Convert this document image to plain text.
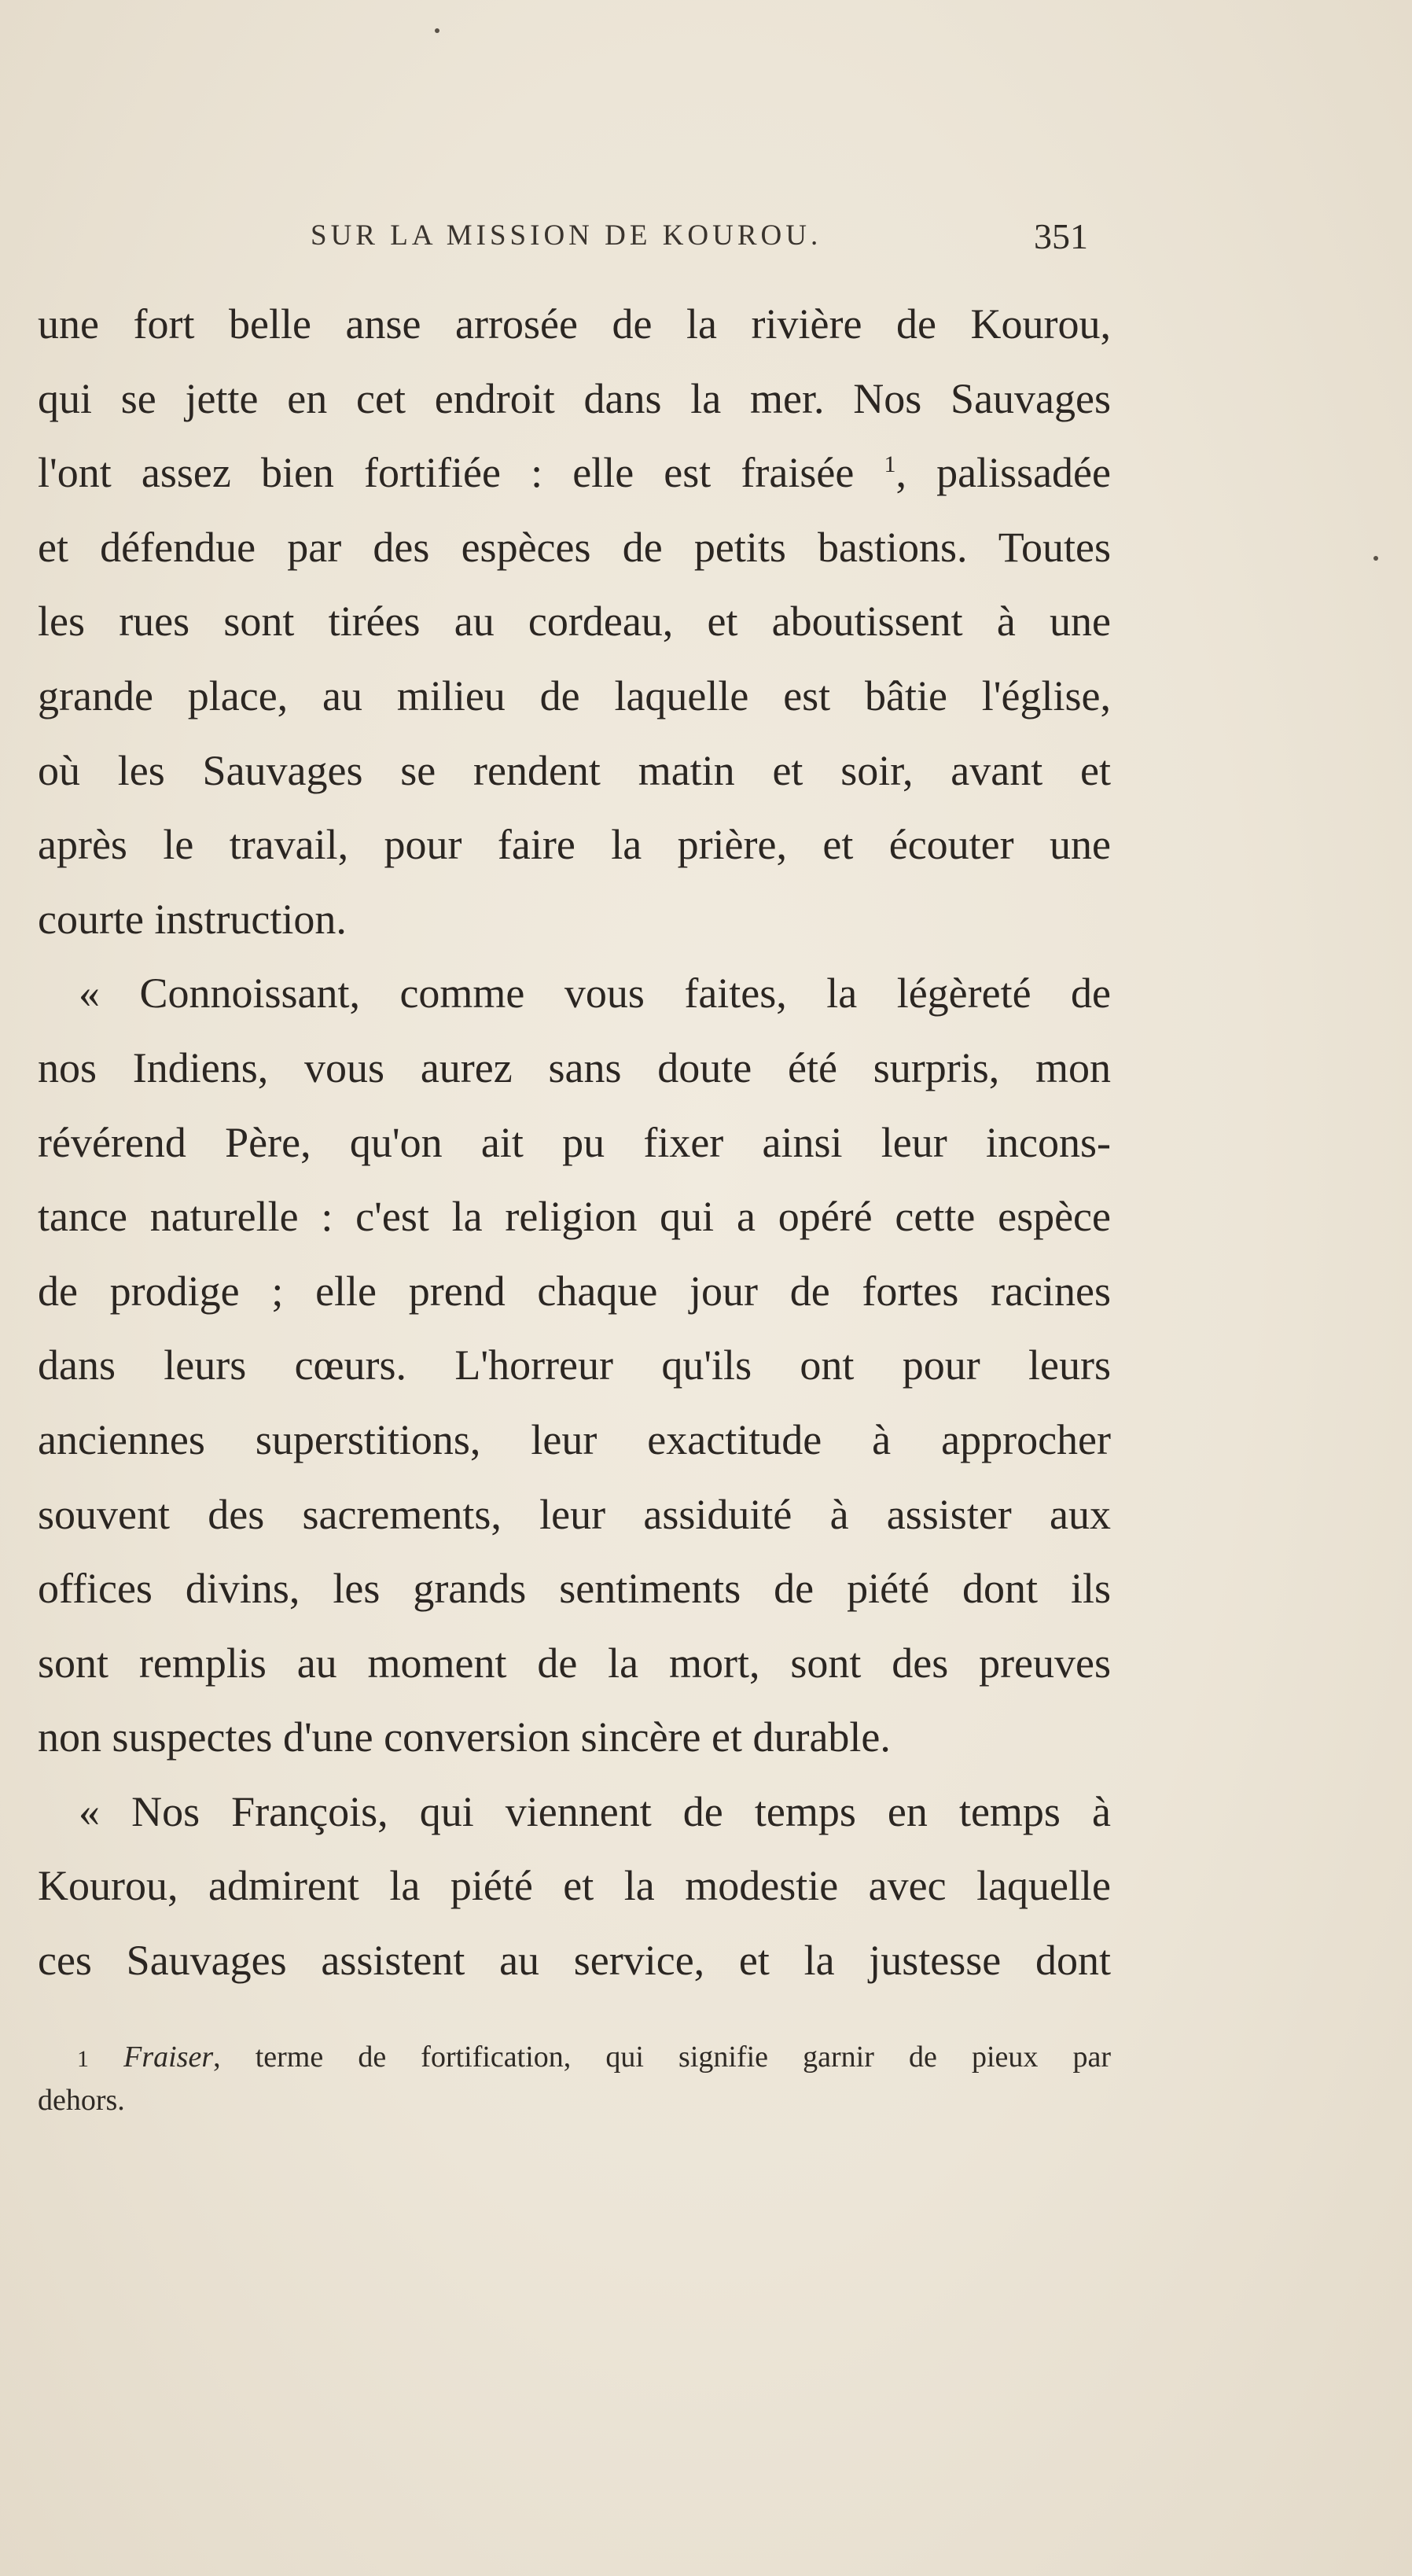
SUR LA MISSION DE KOUROU.	351
une fort belle anse arrosée de la rivière de Kourou,
qui se jette en cet endroit dans la mer. Nos Sauvages
l'ont assez bien fortifiée : elle est fraisée $^1$, palissadée
et défendue par des espèces de petits bastions. Toutes
les rues sont tirées au cordeau, et aboutissent à une
grande place, au milieu de laquelle est bâtie l'église,
où les Sauvages se rendent matin et soir, avant et
après le travail, pour faire la prière, et écouter une
courte instruction.
« Connoissant, comme vous faites, la légèreté de
nos Indiens, vous aurez sans doute été surpris, mon
révérend Père, qu'on ait pu fixer ainsi leur incons-
tance naturelle : c'est la religion qui a opéré cette espèce
de prodige ; elle prend chaque jour de fortes racines
dans leurs cœurs. L'horreur qu'ils ont pour leurs
anciennes superstitions, leur exactitude à approcher
souvent des sacrements, leur assiduité à assister aux
offices divins, les grands sentiments de piété dont ils
sont remplis au moment de la mort, sont des preuves
non suspectes d'une conversion sincère et durable.
« Nos François, qui viennent de temps en temps à
Kourou, admirent la piété et la modestie avec laquelle
ces Sauvages assistent au service, et la justesse dont
1 Fraiser, terme de fortification, qui signifie garnir de pieux par
dehors.
